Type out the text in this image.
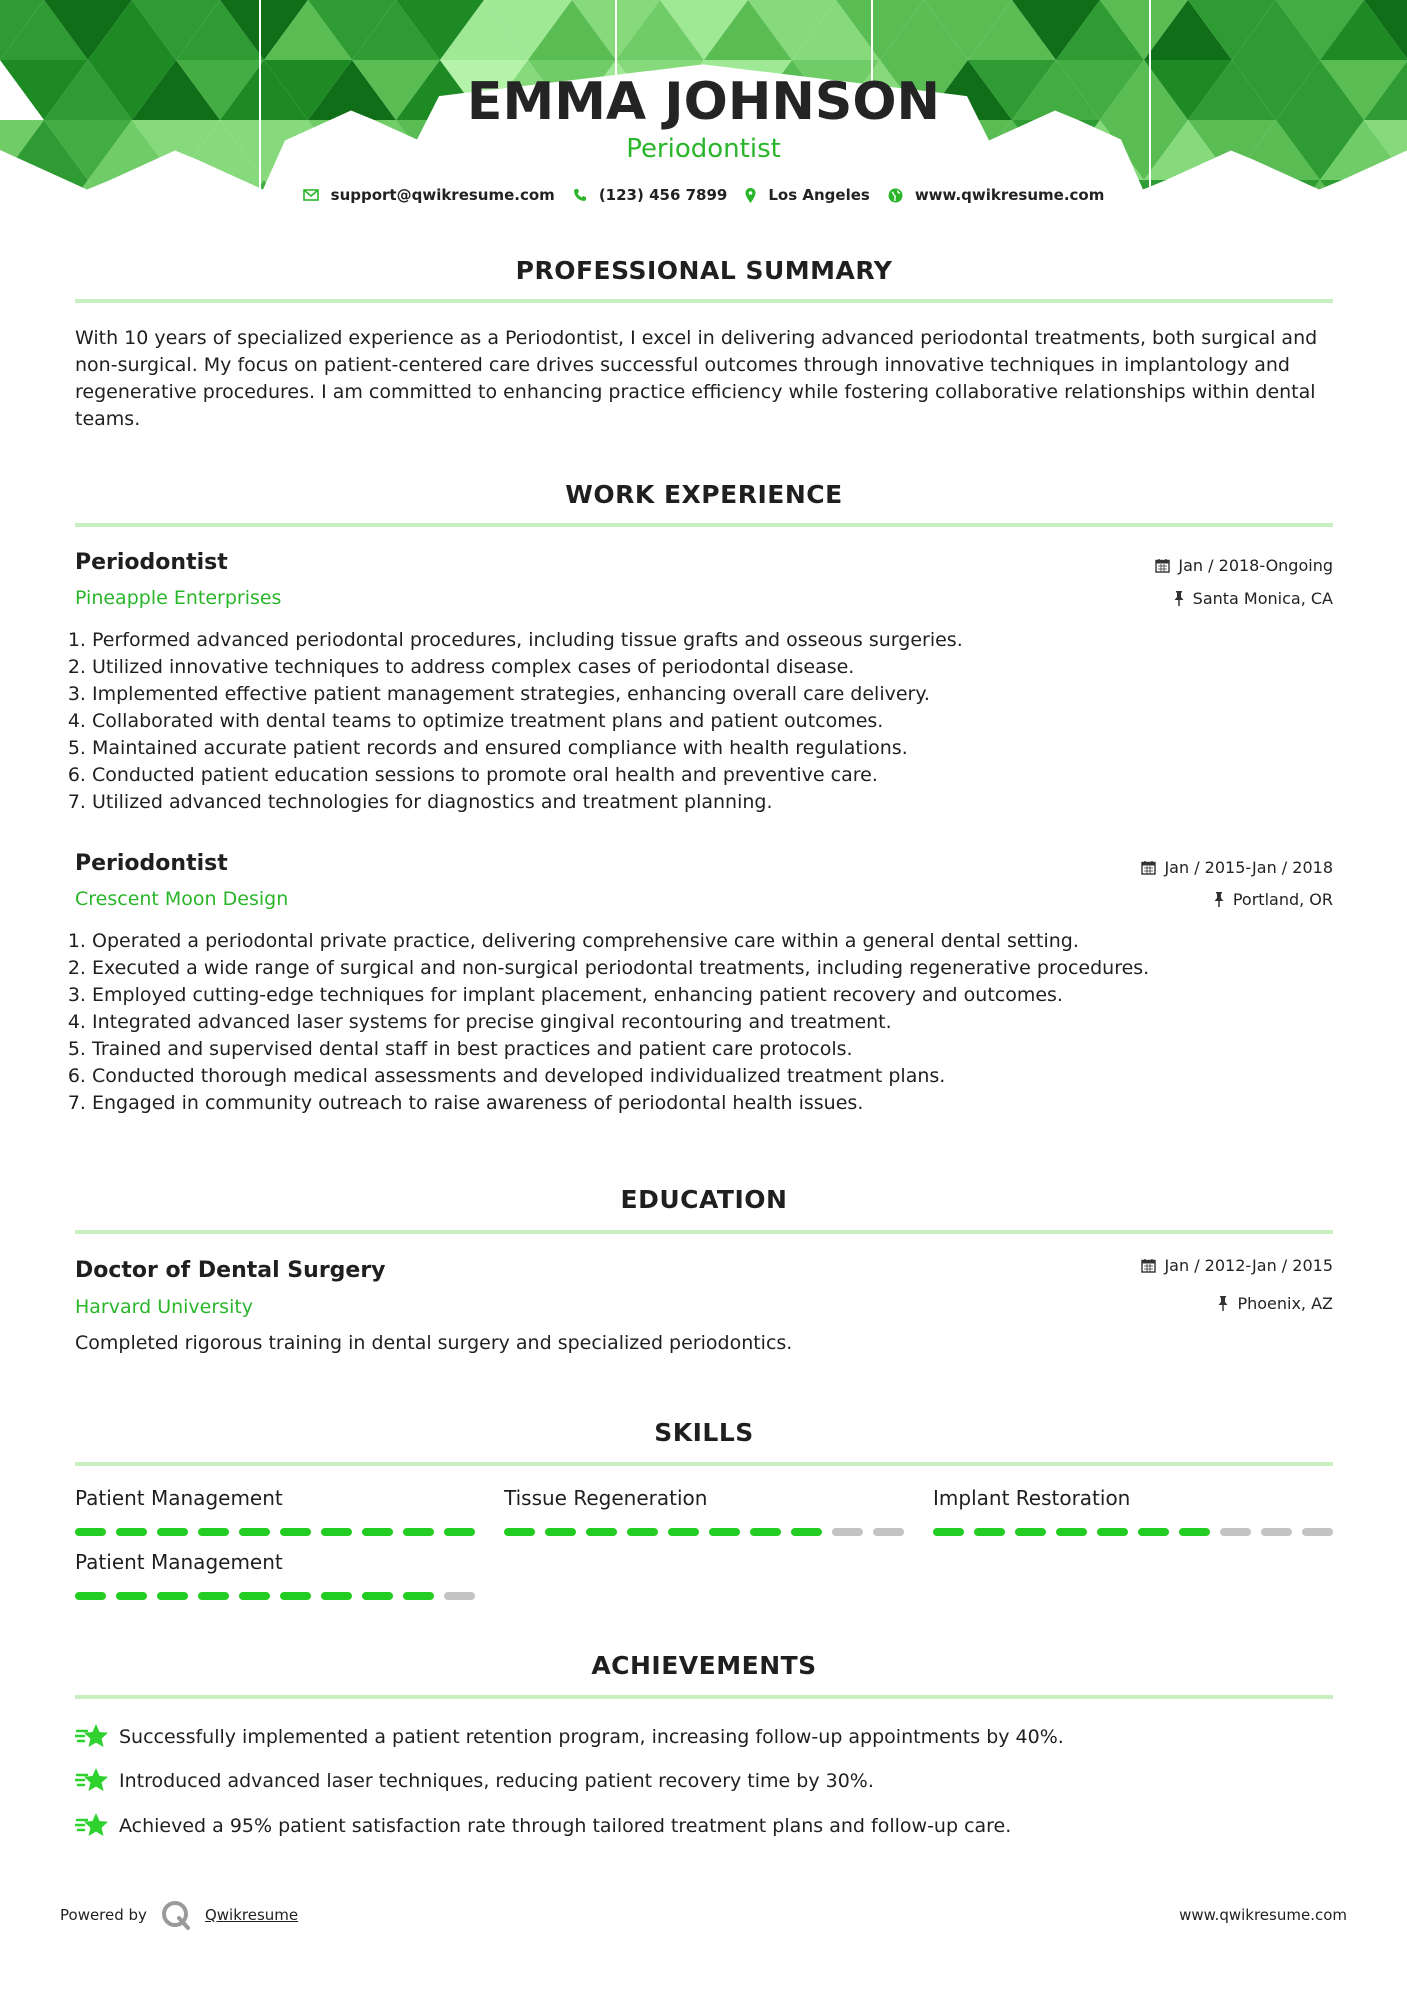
EMMA JOHNSON
Periodontist
support@qwikresume.com	(123) 456 7899	Los Angeles	www.qwikresume.com
PROFESSIONAL SUMMARY
With 10 years of specialized experience as a Periodontist, I excel in delivering advanced periodontal treatments, both surgical and non-surgical. My focus on patient-centered care drives successful outcomes through innovative techniques in implantology and regenerative procedures. I am committed to enhancing practice efficiency while fostering collaborative relationships within dental teams.
WORK EXPERIENCE
Periodontist
Pineapple Enterprises
Jan / 2018-Ongoing
Santa Monica, CA
1. Performed advanced periodontal procedures, including tissue grafts and osseous surgeries.
2. Utilized innovative techniques to address complex cases of periodontal disease.
3. Implemented effective patient management strategies, enhancing overall care delivery.
4. Collaborated with dental teams to optimize treatment plans and patient outcomes.
5. Maintained accurate patient records and ensured compliance with health regulations.
6. Conducted patient education sessions to promote oral health and preventive care.
7. Utilized advanced technologies for diagnostics and treatment planning.
Periodontist
Crescent Moon Design
Jan / 2015-Jan / 2018
Portland, OR
1. Operated a periodontal private practice, delivering comprehensive care within a general dental setting.
2. Executed a wide range of surgical and non-surgical periodontal treatments, including regenerative procedures.
3. Employed cutting-edge techniques for implant placement, enhancing patient recovery and outcomes.
4. Integrated advanced laser systems for precise gingival recontouring and treatment.
5. Trained and supervised dental staff in best practices and patient care protocols.
6. Conducted thorough medical assessments and developed individualized treatment plans.
7. Engaged in community outreach to raise awareness of periodontal health issues.
EDUCATION
Doctor of Dental Surgery
Harvard University
Jan / 2012-Jan / 2015
Phoenix, AZ
Completed rigorous training in dental surgery and specialized periodontics.
SKILLS
Patient Management	Tissue Regeneration	Implant Restoration
Patient Management
ACHIEVEMENTS
Successfully implemented a patient retention program, increasing follow-up appointments by 40%.
Introduced advanced laser techniques, reducing patient recovery time by 30%.
Achieved a 95% patient satisfaction rate through tailored treatment plans and follow-up care.
Powered by	Qwikresume	www.qwikresume.com
